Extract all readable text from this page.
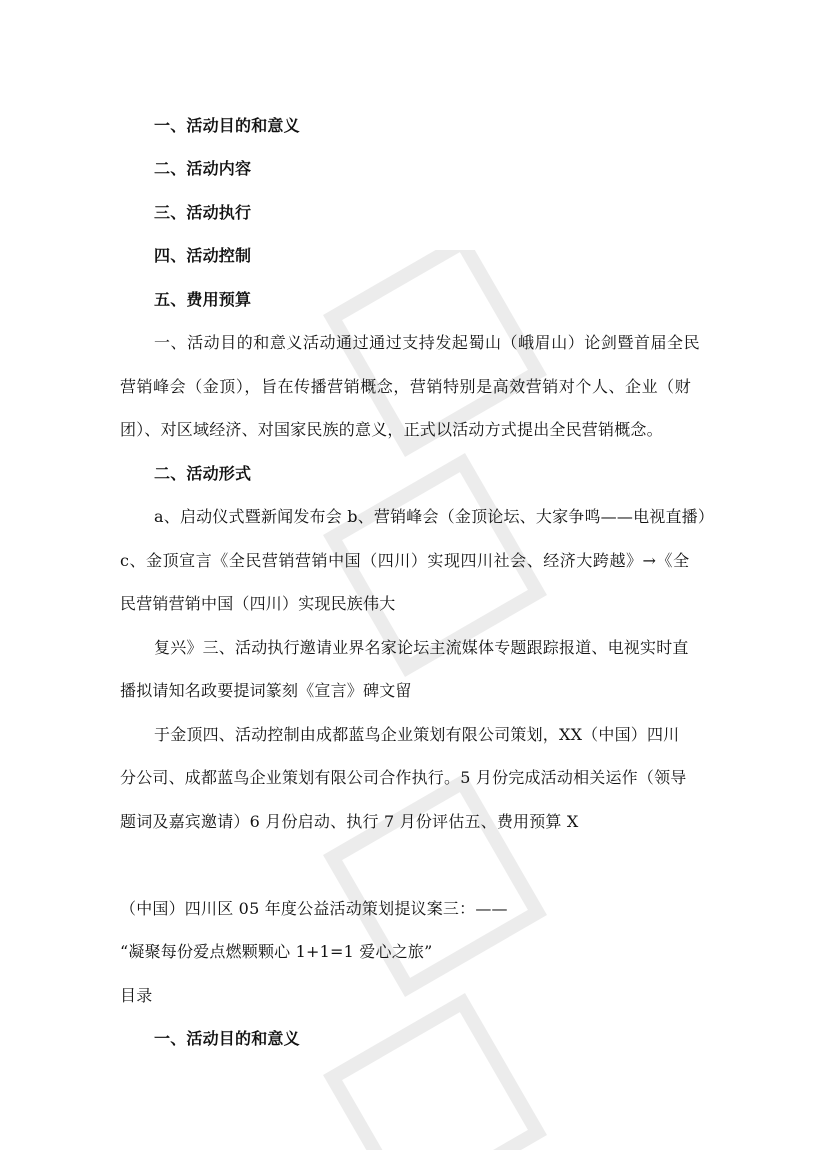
一、活动目的和意义
二、活动内容
三、活动执行
四、活动控制
五、费用预算
一、活动目的和意义活动通过通过支持发起蜀山（峨眉山）论剑暨首届全民
营销峰会（金顶），旨在传播营销概念，营销特别是高效营销对个人、企业（财
团）、对区域经济、对国家民族的意义，正式以活动方式提出全民营销概念。
二、活动形式
a、启动仪式暨新闻发布会 b、营销峰会（金顶论坛、大家争鸣——电视直播）
c、金顶宣言《全民营销营销中国（四川）实现四川社会、经济大跨越》→《全
民营销营销中国（四川）实现民族伟大
复兴》三、活动执行邀请业界名家论坛主流媒体专题跟踪报道、电视实时直
播拟请知名政要提词篆刻《宣言》碑文留
于金顶四、活动控制由成都蓝鸟企业策划有限公司策划，XX（中国）四川
分公司、成都蓝鸟企业策划有限公司合作执行。5 月份完成活动相关运作（领导
题词及嘉宾邀请）6 月份启动、执行 7 月份评估五、费用预算 X
（中国）四川区 05 年度公益活动策划提议案三：——
“凝聚每份爱点燃颗颗心 1+1=1 爱心之旅”
目录
一、活动目的和意义
